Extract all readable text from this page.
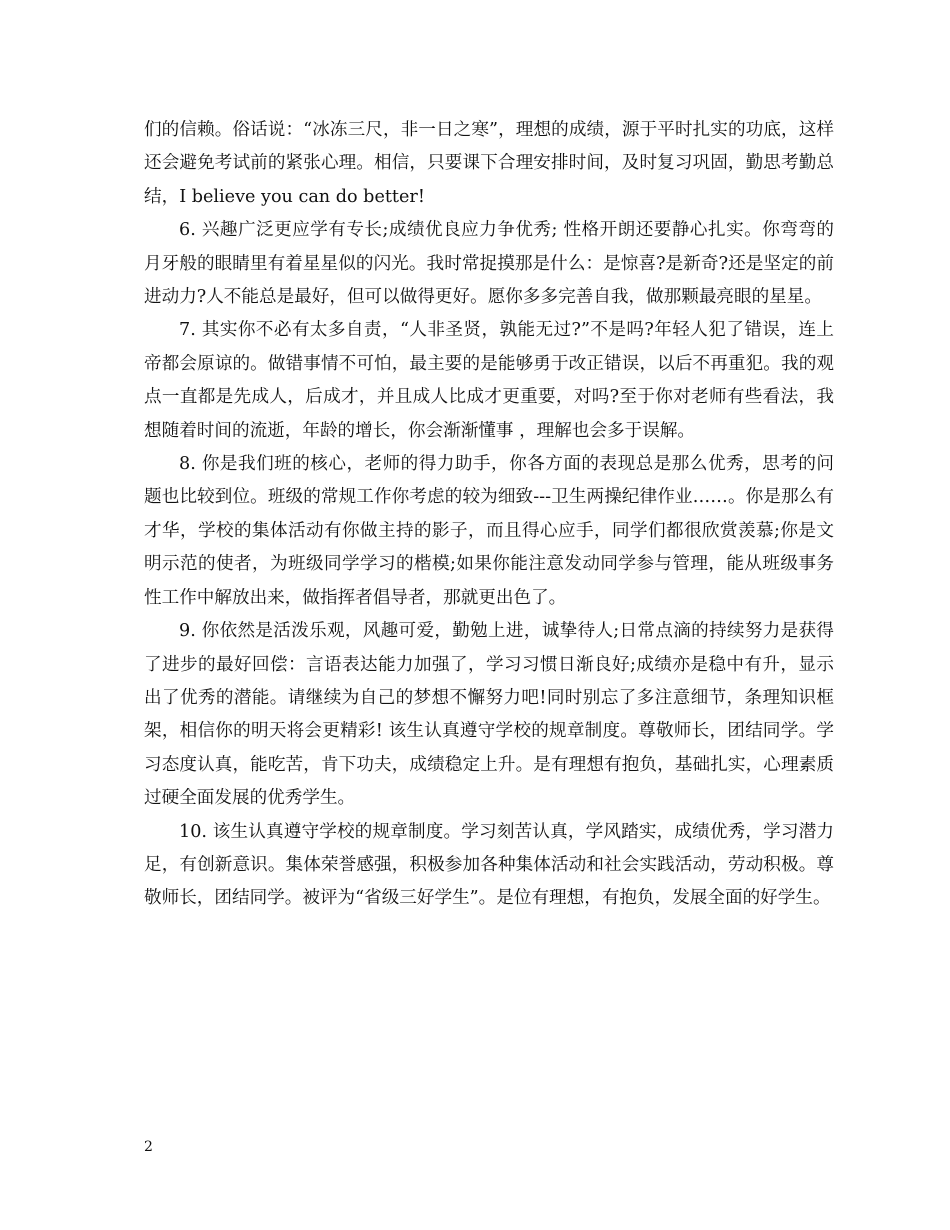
们的信赖。俗话说：“冰冻三尺，非一日之寒”，理想的成绩，源于平时扎实的功底，这样还会避免考试前的紧张心理。相信，只要课下合理安排时间，及时复习巩固，勤思考勤总结，I believe you can do better!

6. 兴趣广泛更应学有专长;成绩优良应力争优秀; 性格开朗还要静心扎实。你弯弯的月牙般的眼睛里有着星星似的闪光。我时常捉摸那是什么：是惊喜?是新奇?还是坚定的前进动力?人不能总是最好，但可以做得更好。愿你多多完善自我，做那颗最亮眼的星星。

7. 其实你不必有太多自责，“人非圣贤，孰能无过?”不是吗?年轻人犯了错误，连上帝都会原谅的。做错事情不可怕，最主要的是能够勇于改正错误，以后不再重犯。我的观点一直都是先成人，后成才，并且成人比成才更重要，对吗?至于你对老师有些看法，我想随着时间的流逝，年龄的增长，你会渐渐懂事 ，理解也会多于误解。

8. 你是我们班的核心，老师的得力助手，你各方面的表现总是那么优秀，思考的问题也比较到位。班级的常规工作你考虑的较为细致---卫生两操纪律作业……。你是那么有才华，学校的集体活动有你做主持的影子，而且得心应手，同学们都很欣赏羡慕;你是文明示范的使者，为班级同学学习的楷模;如果你能注意发动同学参与管理，能从班级事务性工作中解放出来，做指挥者倡导者，那就更出色了。

9. 你依然是活泼乐观，风趣可爱，勤勉上进，诚挚待人;日常点滴的持续努力是获得了进步的最好回偿：言语表达能力加强了，学习习惯日渐良好;成绩亦是稳中有升，显示出了优秀的潜能。请继续为自己的梦想不懈努力吧!同时别忘了多注意细节，条理知识框架，相信你的明天将会更精彩! 该生认真遵守学校的规章制度。尊敬师长，团结同学。学习态度认真，能吃苦，肯下功夫，成绩稳定上升。是有理想有抱负，基础扎实，心理素质过硬全面发展的优秀学生。

10. 该生认真遵守学校的规章制度。学习刻苦认真，学风踏实，成绩优秀，学习潜力足，有创新意识。集体荣誉感强，积极参加各种集体活动和社会实践活动，劳动积极。尊敬师长，团结同学。被评为“省级三好学生”。是位有理想，有抱负，发展全面的好学生。

2
